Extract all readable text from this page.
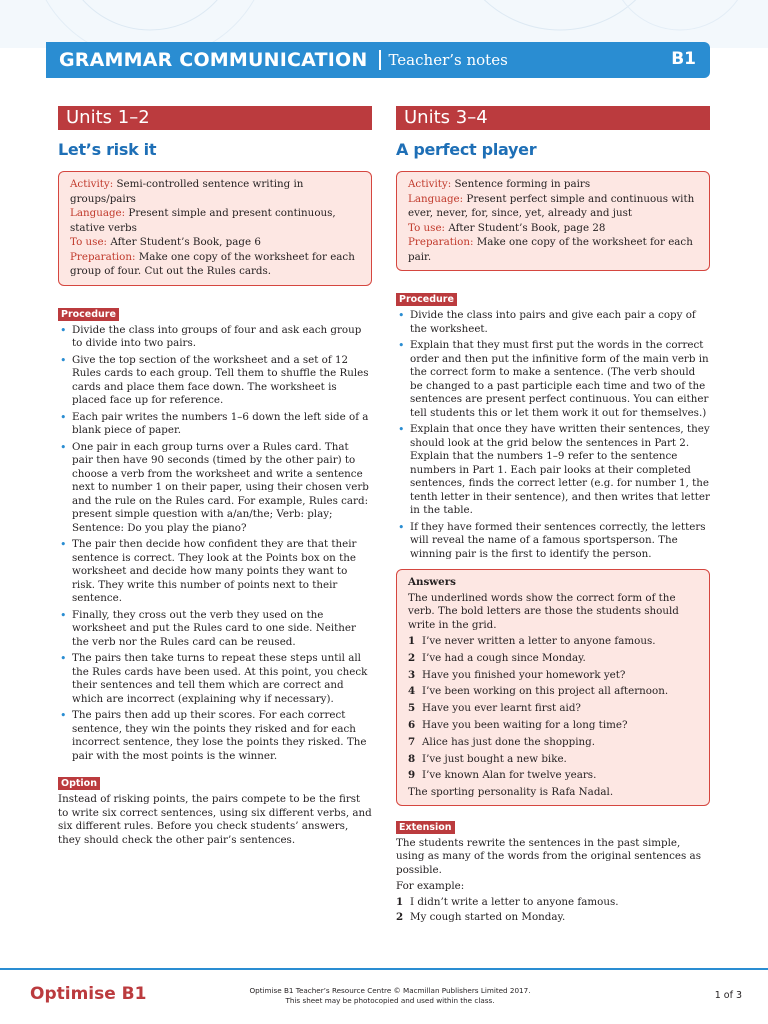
GRAMMAR COMMUNICATION Teacher’s notes	B1
Units 1–2
Let’s risk it

Activity: Semi-controlled sentence writing in groups/pairs

Language: Present simple and present continuous, stative verbs

To use: After Student’s Book, page 6

Preparation: Make one copy of the worksheet for each group of four. Cut out the Rules cards.

Procedure
• Divide the class into groups of four and ask each group to divide into two pairs.
• Give the top section of the worksheet and a set of 12 Rules cards to each group. Tell them to shuffle the Rules cards and place them face down. The worksheet is placed face up for reference.
• Each pair writes the numbers 1–6 down the left side of a blank piece of paper.
• One pair in each group turns over a Rules card. That pair then have 90 seconds (timed by the other pair) to choose a verb from the worksheet and write a sentence next to number 1 on their paper, using their chosen verb and the rule on the Rules card. For example, Rules card: present simple question with a/an/the; Verb: play; Sentence: Do you play the piano?
• The pair then decide how confident they are that their sentence is correct. They look at the Points box on the worksheet and decide how many points they want to risk. They write this number of points next to their sentence.
• Finally, they cross out the verb they used on the worksheet and put the Rules card to one side. Neither the verb nor the Rules card can be reused.
• The pairs then take turns to repeat these steps until all the Rules cards have been used. At this point, you check their sentences and tell them which are correct and which are incorrect (explaining why if necessary).
• The pairs then add up their scores. For each correct sentence, they win the points they risked and for each incorrect sentence, they lose the points they risked. The pair with the most points is the winner.
Option
Instead of risking points, the pairs compete to be the first to write six correct sentences, using six different verbs, and six different rules. Before you check students’ answers, they should check the other pair’s sentences.
Units 3–4
A perfect player

Activity: Sentence forming in pairs

Language: Present perfect simple and continuous with ever, never, for, since, yet, already and just

To use: After Student’s Book, page 28

Preparation: Make one copy of the worksheet for each pair.

Procedure
• Divide the class into pairs and give each pair a copy of the worksheet.
• Explain that they must first put the words in the correct order and then put the infinitive form of the main verb in the correct form to make a sentence. (The verb should be changed to a past participle each time and two of the sentences are present perfect continuous. You can either tell students this or let them work it out for themselves.)
• Explain that once they have written their sentences, they should look at the grid below the sentences in Part 2. Explain that the numbers 1–9 refer to the sentence numbers in Part 1. Each pair looks at their completed sentences, finds the correct letter (e.g. for number 1, the tenth letter in their sentence), and then writes that letter in the table.
• If they have formed their sentences correctly, the letters will reveal the name of a famous sportsperson. The winning pair is the first to identify the person.
Answers
The underlined words show the correct form of the verb. The bold letters are those the students should write in the grid.
1 I’ve never written a letter to anyone famous.
2 I’ve had a cough since Monday.
3 Have you finished your homework yet?
4 I’ve been working on this project all afternoon.
5 Have you ever learnt first aid?
6 Have you been waiting for a long time?
7 Alice has just done the shopping.
8 I’ve just bought a new bike.
9 I’ve known Alan for twelve years.
The sporting personality is Rafa Nadal.
Extension
The students rewrite the sentences in the past simple, using as many of the words from the original sentences as possible.
For example:
1 I didn’t write a letter to anyone famous.
2 My cough started on Monday.
Optimise B1	Optimise B1 Teacher’s Resource Centre © Macmillan Publishers Limited 2017.
This sheet may be photocopied and used within the class.	1 of 3
